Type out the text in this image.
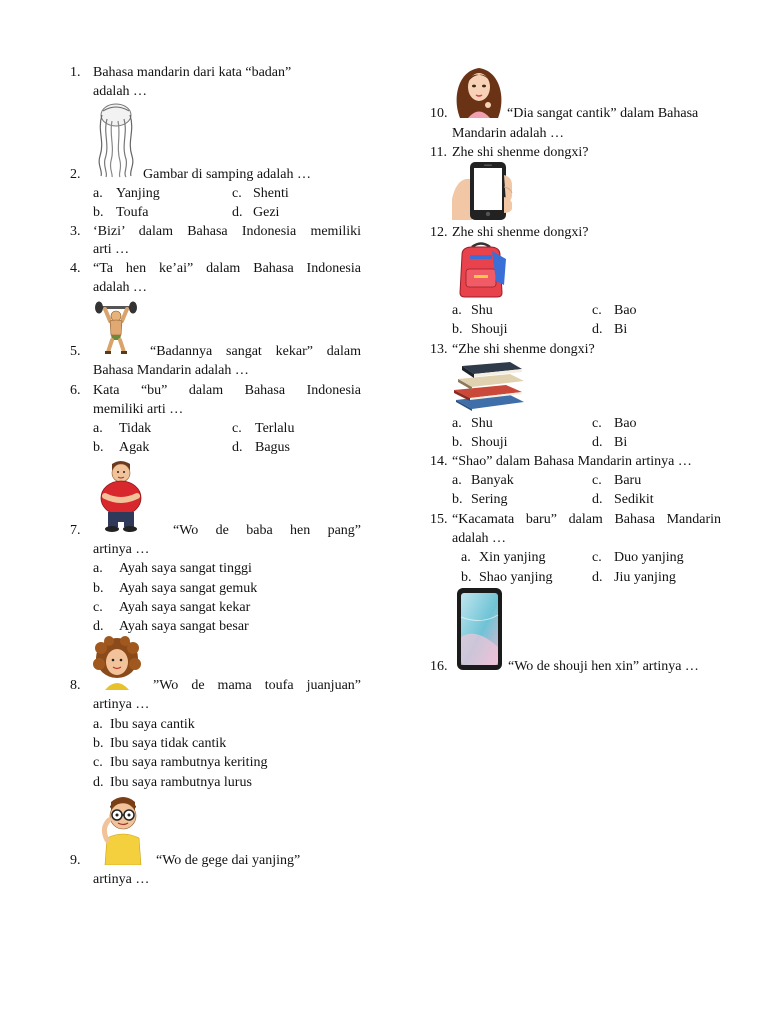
1. Bahasa mandarin dari kata “badan”
adalah …
2.	Gambar di samping adalah …
a. Yanjing	c. Shenti
b. Toufa	d. Gezi
3. ‘Bizi’ dalam Bahasa Indonesia memiliki
arti …
4. “Ta hen ke’ai” dalam Bahasa Indonesia
adalah …
5.	“Badannya sangat kekar” dalam
Bahasa Mandarin adalah …
6. Kata “bu” dalam Bahasa Indonesia
memiliki arti …
a. Tidak	c. Terlalu
b. Agak	d. Bagus
7.	“Wo de baba hen pang”
artinya …
a. Ayah saya sangat tinggi
b. Ayah saya sangat gemuk
c. Ayah saya sangat kekar
d. Ayah saya sangat besar
8.	”Wo de mama toufa juanjuan”
artinya …
a. Ibu saya cantik
b. Ibu saya tidak cantik
c. Ibu saya rambutnya keriting
d. Ibu saya rambutnya lurus
9.	“Wo de gege dai yanjing”
artinya …
10.	“Dia sangat cantik” dalam Bahasa
Mandarin adalah …
11. Zhe shi shenme dongxi?
12. Zhe shi shenme dongxi?
a. Shu	c. Bao
b. Shouji	d. Bi
13. “Zhe shi shenme dongxi?
a. Shu	c. Bao
b. Shouji	d. Bi
14. “Shao” dalam Bahasa Mandarin artinya …
a. Banyak	c. Baru
b. Sering	d. Sedikit
15. “Kacamata baru” dalam Bahasa Mandarin
adalah …
a. Xin yanjing	c. Duo yanjing
b. Shao yanjing	d. Jiu yanjing
16.	“Wo de shouji hen xin” artinya …
